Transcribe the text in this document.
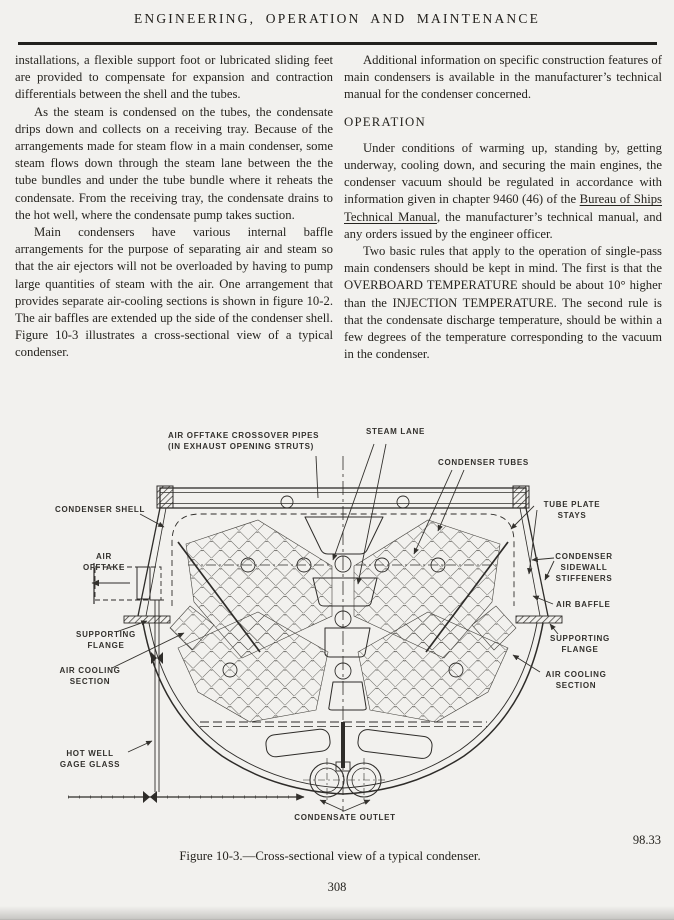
ENGINEERING, OPERATION AND MAINTENANCE

installations, a flexible support foot or lubricated sliding feet are provided to compensate for expansion and contraction differentials between the shell and the tubes.

As the steam is condensed on the tubes, the condensate drips down and collects on a receiving tray. Because of the arrangements made for steam flow in a main condenser, some steam flows down through the steam lane between the the tube bundles and under the tube bundle where it reheats the condensate. From the receiving tray, the condensate drains to the hot well, where the condensate pump takes suction.

Main condensers have various internal baffle arrangements for the purpose of separating air and steam so that the air ejectors will not be overloaded by having to pump large quantities of steam with the air. One arrangement that provides separate air-cooling sections is shown in figure 10-2. The air baffles are extended up the side of the condenser shell. Figure 10-3 illustrates a cross-sectional view of a typical condenser.

Additional information on specific construction features of main condensers is available in the manufacturer’s technical manual for the condenser concerned.

OPERATION

Under conditions of warming up, standing by, getting underway, cooling down, and securing the main engines, the condenser vacuum should be regulated in accordance with information given in chapter 9460 (46) of the Bureau of Ships Technical Manual, the manufacturer’s technical manual, and any orders issued by the engineer officer.

Two basic rules that apply to the operation of single-pass main condensers should be kept in mind. The first is that the OVERBOARD TEMPERATURE should be about 10° higher than the INJECTION TEMPERATURE. The second rule is that the condensate discharge temperature, should be within a few degrees of the temperature corresponding to the vacuum in the condenser.

AIR OFFTAKE CROSSOVER PIPES
(IN EXHAUST OPENING STRUTS)
STEAM LANE
CONDENSER TUBES
CONDENSER SHELL
AIR
OFFTAKE
SUPPORTING
FLANGE
AIR COOLING
SECTION
HOT WELL
GAGE GLASS
TUBE PLATE
STAYS
CONDENSER
SIDEWALL
STIFFENERS
AIR BAFFLE
SUPPORTING
FLANGE
AIR COOLING
SECTION
CONDENSATE OUTLET
98.33
Figure 10-3.—Cross-sectional view of a typical condenser.
308
